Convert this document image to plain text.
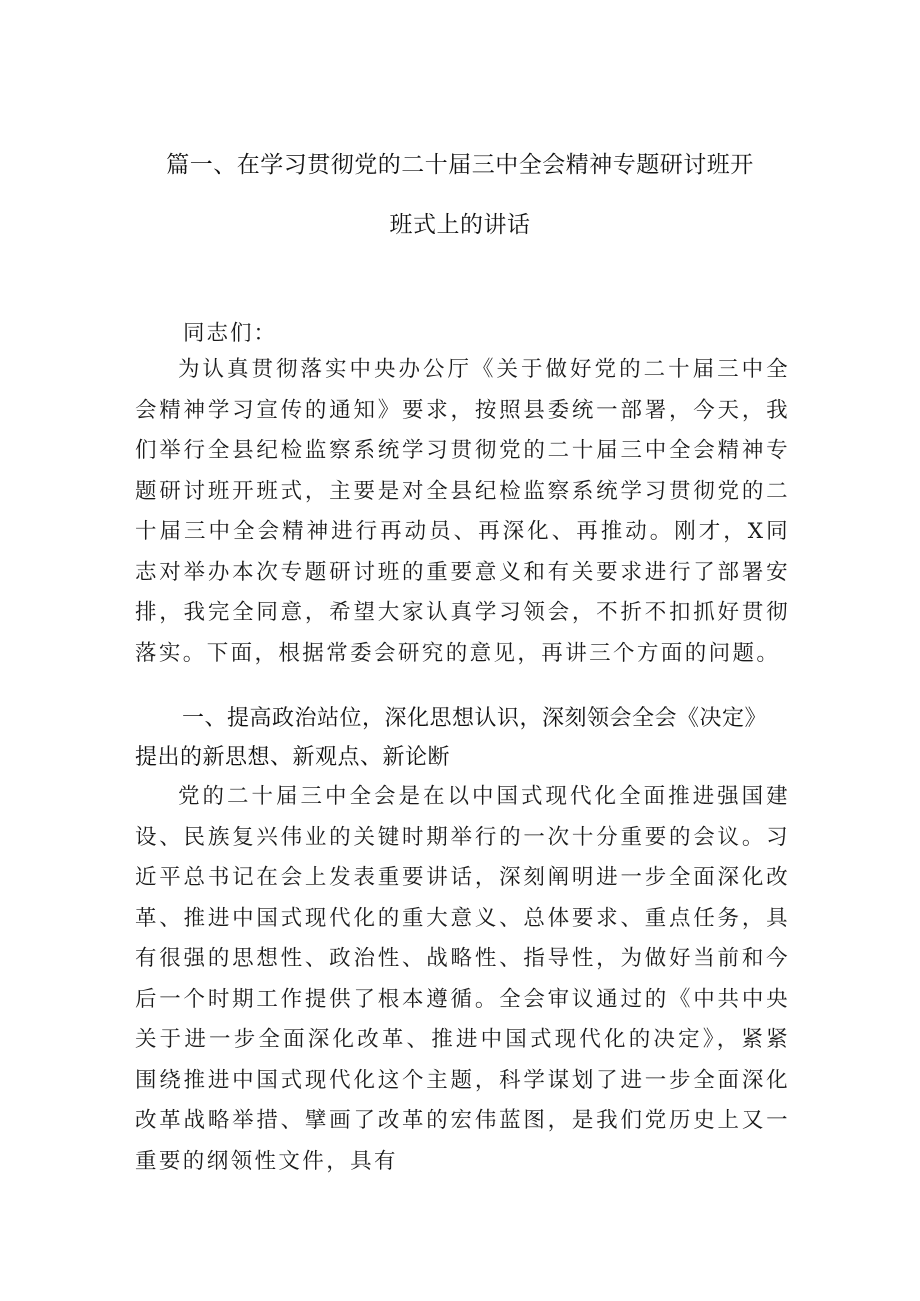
篇一、在学习贯彻党的二十届三中全会精神专题研讨班开
班式上的讲话
同志们：

为认真贯彻落实中央办公厅《关于做好党的二十届三中全会精神学习宣传的通知》要求，按照县委统一部署，今天，我们举行全县纪检监察系统学习贯彻党的二十届三中全会精神专题研讨班开班式，主要是对全县纪检监察系统学习贯彻党的二十届三中全会精神进行再动员、再深化、再推动。刚才，X同志对举办本次专题研讨班的重要意义和有关要求进行了部署安排，我完全同意，希望大家认真学习领会，不折不扣抓好贯彻落实。下面，根据常委会研究的意见，再讲三个方面的问题。

一、提高政治站位，深化思想认识，深刻领会全会《决定》
提出的新思想、新观点、新论断

党的二十届三中全会是在以中国式现代化全面推进强国建设、民族复兴伟业的关键时期举行的一次十分重要的会议。习近平总书记在会上发表重要讲话，深刻阐明进一步全面深化改革、推进中国式现代化的重大意义、总体要求、重点任务，具有很强的思想性、政治性、战略性、指导性，为做好当前和今后一个时期工作提供了根本遵循。全会审议通过的《中共中央关于进一步全面深化改革、推进中国式现代化的决定》，紧紧围绕推进中国式现代化这个主题，科学谋划了进一步全面深化改革战略举措、擘画了改革的宏伟蓝图，是我们党历史上又一重要的纲领性文件，具有
